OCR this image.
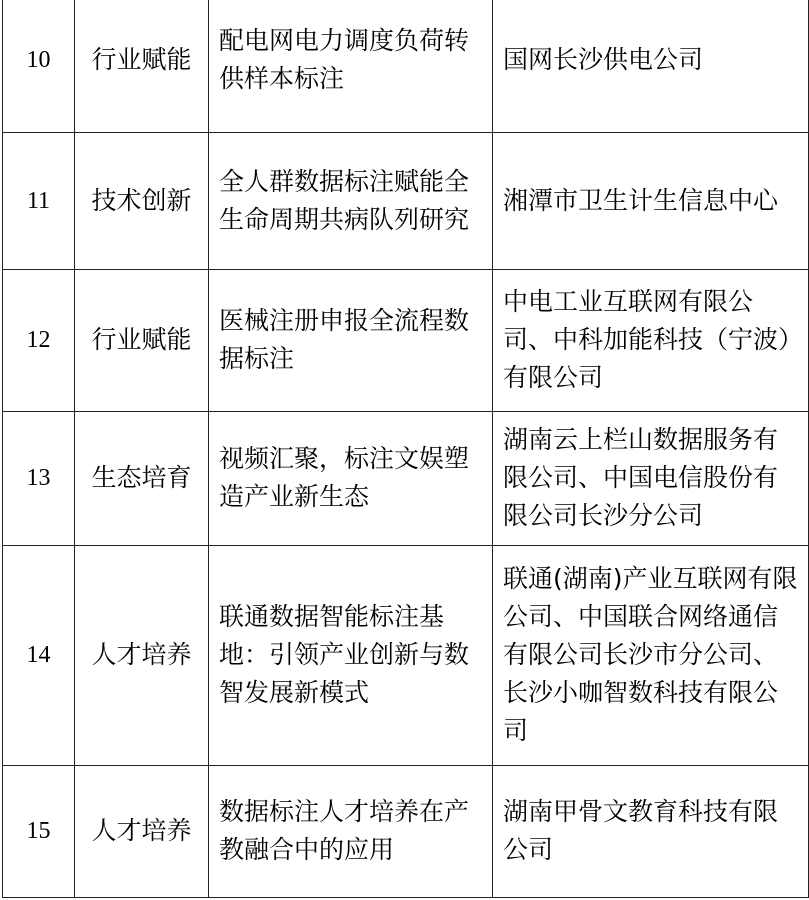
10	行业赋能	配电网电力调度负荷转供样本标注	国网长沙供电公司
11	技术创新	全人群数据标注赋能全生命周期共病队列研究	湘潭市卫生计生信息中心
12	行业赋能	医械注册申报全流程数据标注	中电工业互联网有限公司、中科加能科技（宁波）有限公司
13	生态培育	视频汇聚，标注文娱塑造产业新生态	湖南云上栏山数据服务有限公司、中国电信股份有限公司长沙分公司
14	人才培养	联通数据智能标注基地：引领产业创新与数智发展新模式	联通(湖南)产业互联网有限公司、中国联合网络通信有限公司长沙市分公司、长沙小咖智数科技有限公司
15	人才培养	数据标注人才培养在产教融合中的应用	湖南甲骨文教育科技有限公司
